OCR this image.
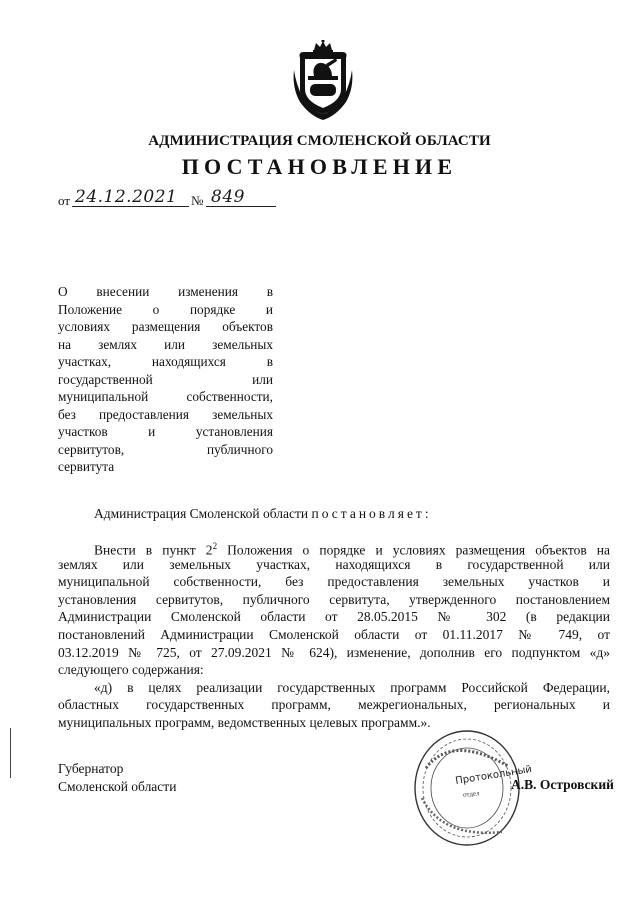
АДМИНИСТРАЦИЯ СМОЛЕНСКОЙ ОБЛАСТИ
ПОСТАНОВЛЕНИЕ
от 24.12.2021 № 849
О внесении изменения в
Положение о порядке и
условиях размещения объектов
на землях или земельных
участках, находящихся в
государственной или
муниципальной собственности,
без предоставления земельных
участков и установления
сервитутов, публичного
сервитута
Администрация Смоленской области постановляет:
Внести в пункт $2^2$ Положения о порядке и условиях размещения объектов на
землях или земельных участках, находящихся в государственной или
муниципальной собственности, без предоставления земельных участков и
установления сервитутов, публичного сервитута, утвержденного постановлением
Администрации Смоленской области от 28.05.2015 № 302 (в редакции
постановлений Администрации Смоленской области от 01.11.2017 № 749, от
03.12.2019 № 725, от 27.09.2021 № 624), изменение, дополнив его подпунктом «д»
следующего содержания:
«д) в целях реализации государственных программ Российской Федерации,
областных государственных программ, межрегиональных, региональных и
муниципальных программ, ведомственных целевых программ.».
Губернатор
Смоленской области	Протокольный
отдел
А.В. Островский
